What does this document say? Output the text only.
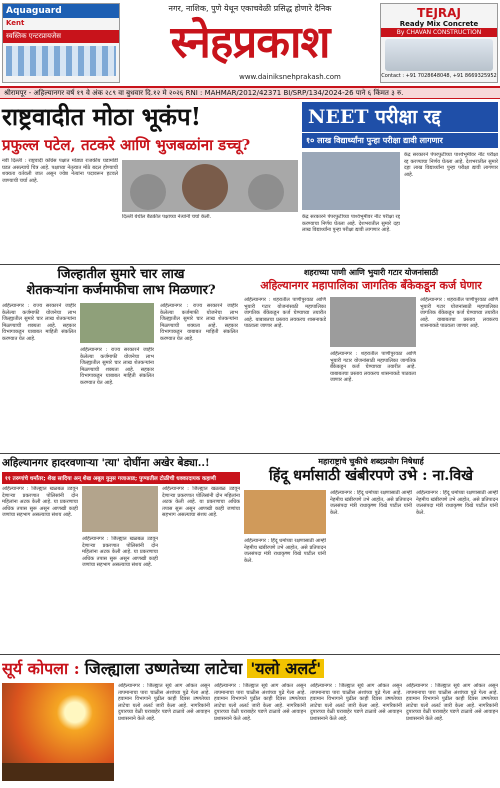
Aquaguard
Kent
स्वस्तिक एन्टरप्रायजेस
नगर, नाशिक, पुणे येथून एकाचवेळी प्रसिद्ध होणारे दैनिक
स्नेहप्रकाश
www.dainiksnehprakash.com
TEJRAJ
Ready Mix Concrete
By CHAVAN CONSTRUCTION
Contact : +91 7028648048, +91 8669325952
श्रीरामपूर - अहिल्यानगर वर्ष १९ वे अंक २८९ वा बुधवार दि.१२ मे २०२६ RNI : MAHMAR/2012/42371 BI/SRP/134/2024-26 पाने ६ किंमत ३ रु.
राष्ट्रवादीत मोठा भूकंप!
प्रफुल्ल पटेल, तटकरे आणि भुजबळांना डच्चू?
नवी दिल्ली : राष्ट्रवादी काँग्रेस पक्षात मोठ्या राजकीय घडामोडी घडत असल्याचे चित्र आहे. पक्षाच्या नेतृत्वात मोठे बदल होण्याची शक्यता वर्तवली जात असून ज्येष्ठ नेत्यांना पदावरून हटवले जाण्याची चर्चा आहे.
दिल्ली येथील बैठकीत पक्षाच्या नेत्यांनी चर्चा केली.
NEET परीक्षा रद्द
१० लाख विद्यार्थ्यांना पुन्हा परीक्षा द्यावी लागणार
केंद्र सरकारने पेपरफुटीच्या पार्श्वभूमीवर नीट परीक्षा रद्द करण्याचा निर्णय घेतला आहे. देशभरातील सुमारे दहा लाख विद्यार्थ्यांना पुन्हा परीक्षा द्यावी लागणार आहे.
केंद्र सरकारने पेपरफुटीच्या पार्श्वभूमीवर नीट परीक्षा रद्द करण्याचा निर्णय घेतला आहे. देशभरातील सुमारे दहा लाख विद्यार्थ्यांना पुन्हा परीक्षा द्यावी लागणार आहे.
जिल्हातील सुमारे चार लाख
शेतकऱ्यांना कर्जमाफीचा लाभ मिळणार?
अहिल्यानगर : राज्य सरकारने जाहीर केलेल्या कर्जमाफी योजनेचा लाभ जिल्ह्यातील सुमारे चार लाख शेतकऱ्यांना मिळण्याची शक्यता आहे. सहकार विभागाकडून याबाबत माहिती संकलित करण्यात येत आहे.
अहिल्यानगर : राज्य सरकारने जाहीर केलेल्या कर्जमाफी योजनेचा लाभ जिल्ह्यातील सुमारे चार लाख शेतकऱ्यांना मिळण्याची शक्यता आहे. सहकार विभागाकडून याबाबत माहिती संकलित करण्यात येत आहे.
अहिल्यानगर : राज्य सरकारने जाहीर केलेल्या कर्जमाफी योजनेचा लाभ जिल्ह्यातील सुमारे चार लाख शेतकऱ्यांना मिळण्याची शक्यता आहे. सहकार विभागाकडून याबाबत माहिती संकलित करण्यात येत आहे.
शहराच्या पाणी आणि भुयारी गटार योजनांसाठी
अहिल्यानगर महापालिका जागतिक बँकेकडून कर्ज घेणार
अहिल्यानगर : शहरातील पाणीपुरवठा आणि भुयारी गटार योजनांसाठी महापालिका जागतिक बँकेकडून कर्ज घेण्याच्या तयारीत आहे. याबाबतचा प्रस्ताव लवकरच शासनाकडे पाठवला जाणार आहे.
अहिल्यानगर : शहरातील पाणीपुरवठा आणि भुयारी गटार योजनांसाठी महापालिका जागतिक बँकेकडून कर्ज घेण्याच्या तयारीत आहे. याबाबतचा प्रस्ताव लवकरच शासनाकडे पाठवला जाणार आहे.
अहिल्यानगर : शहरातील पाणीपुरवठा आणि भुयारी गटार योजनांसाठी महापालिका जागतिक बँकेकडून कर्ज घेण्याच्या तयारीत आहे. याबाबतचा प्रस्ताव लवकरच शासनाकडे पाठवला जाणार आहे.
अहिल्यानगर हादरवणाऱ्या 'त्या' दोघींना अखेर बेड्या..!
११ तरुणांचे धर्मांतर; शेख सादिया अन् शेख अबूल युनुस गजाआड; पुण्यातील टोळीची धक्कादायक कहाणी
अहिल्यानगर : जिल्ह्यात खळबळ उडवून देणाऱ्या प्रकरणात पोलिसांनी दोन महिलांना अटक केली आहे. या प्रकरणाचा अधिक तपास सुरू असून आणखी काही जणांचा सहभाग असल्याचा संशय आहे.
अहिल्यानगर : जिल्ह्यात खळबळ उडवून देणाऱ्या प्रकरणात पोलिसांनी दोन महिलांना अटक केली आहे. या प्रकरणाचा अधिक तपास सुरू असून आणखी काही जणांचा सहभाग असल्याचा संशय आहे.
अहिल्यानगर : जिल्ह्यात खळबळ उडवून देणाऱ्या प्रकरणात पोलिसांनी दोन महिलांना अटक केली आहे. या प्रकरणाचा अधिक तपास सुरू असून आणखी काही जणांचा सहभाग असल्याचा संशय आहे.
महाराष्ट्राचे चुकीचे शब्दप्रयोग निषेधार्ह
हिंदू धर्मासाठी खंबीरपणे उभे : ना.विखे
अहिल्यानगर : हिंदू धर्माच्या रक्षणासाठी आम्ही नेहमीच खंबीरपणे उभे आहोत, असे प्रतिपादन जलसंपदा मंत्री राधाकृष्ण विखे पाटील यांनी केले.
अहिल्यानगर : हिंदू धर्माच्या रक्षणासाठी आम्ही नेहमीच खंबीरपणे उभे आहोत, असे प्रतिपादन जलसंपदा मंत्री राधाकृष्ण विखे पाटील यांनी केले.
अहिल्यानगर : हिंदू धर्माच्या रक्षणासाठी आम्ही नेहमीच खंबीरपणे उभे आहोत, असे प्रतिपादन जलसंपदा मंत्री राधाकृष्ण विखे पाटील यांनी केले.
सूर्य कोपला : जिल्ह्याला उष्णतेच्या लाटेचा 'यलो अलर्ट'
अहिल्यानगर : जिल्ह्यात सूर्य आग ओकत असून तापमानाचा पारा चाळीस अंशांच्या पुढे गेला आहे. हवामान विभागाने पुढील काही दिवस उष्णतेच्या लाटेचा यलो अलर्ट जारी केला आहे. नागरिकांनी दुपारच्या वेळी घराबाहेर पडणे टाळावे असे आवाहन प्रशासनाने केले आहे.
अहिल्यानगर : जिल्ह्यात सूर्य आग ओकत असून तापमानाचा पारा चाळीस अंशांच्या पुढे गेला आहे. हवामान विभागाने पुढील काही दिवस उष्णतेच्या लाटेचा यलो अलर्ट जारी केला आहे. नागरिकांनी दुपारच्या वेळी घराबाहेर पडणे टाळावे असे आवाहन प्रशासनाने केले आहे.
अहिल्यानगर : जिल्ह्यात सूर्य आग ओकत असून तापमानाचा पारा चाळीस अंशांच्या पुढे गेला आहे. हवामान विभागाने पुढील काही दिवस उष्णतेच्या लाटेचा यलो अलर्ट जारी केला आहे. नागरिकांनी दुपारच्या वेळी घराबाहेर पडणे टाळावे असे आवाहन प्रशासनाने केले आहे.
अहिल्यानगर : जिल्ह्यात सूर्य आग ओकत असून तापमानाचा पारा चाळीस अंशांच्या पुढे गेला आहे. हवामान विभागाने पुढील काही दिवस उष्णतेच्या लाटेचा यलो अलर्ट जारी केला आहे. नागरिकांनी दुपारच्या वेळी घराबाहेर पडणे टाळावे असे आवाहन प्रशासनाने केले आहे.
